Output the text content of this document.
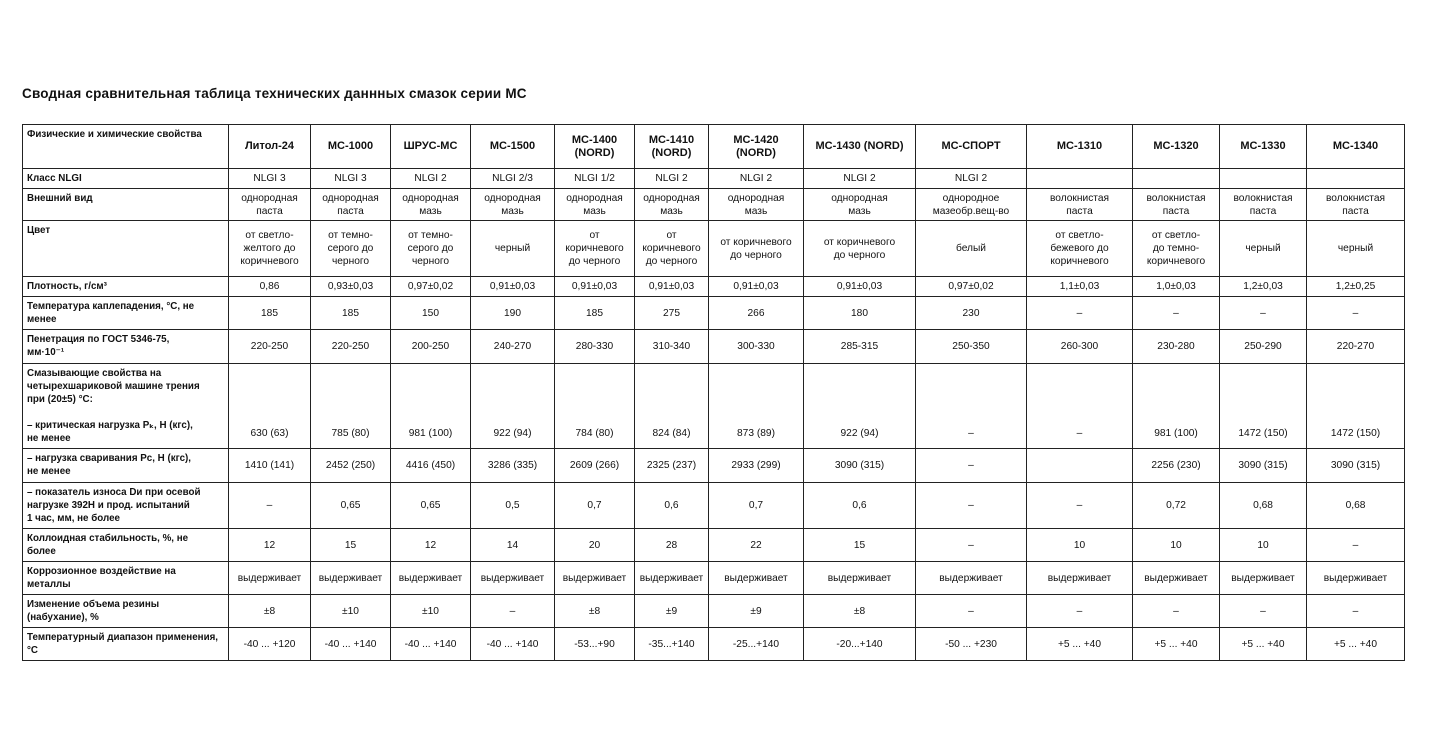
Сводная сравнительная таблица технических даннных смазок серии МС
Физические и химические свойства	Литол-24	МС-1000	ШРУС-МС	МС-1500	МС-1400
(NORD)	МС-1410
(NORD)	МС-1420
(NORD)	МС-1430 (NORD)	МС-СПОРТ	МС-1310	МС-1320	МС-1330	МС-1340

Класс NLGI	NLGI 3	NLGI 3	NLGI 2	NLGI 2/3	NLGI 1/2	NLGI 2	NLGI 2	NLGI 2	NLGI 2				

Внешний вид	однородная
паста	однородная
паста	однородная
мазь	однородная
мазь	однородная
мазь	однородная
мазь	однородная
мазь	однородная
мазь	однородное
мазеобр.вещ-во	волокнистая
паста	волокнистая
паста	волокнистая
паста	волокнистая
паста

Цвет	от светло-
желтого до
коричневого	от темно-
серого до
черного	от темно-
серого до
черного	черный	от
коричневого
до черного	от
коричневого
до черного	от коричневого
до черного	от коричневого
до черного	белый	от светло-
бежевого до
коричневого	от светло-
до темно-
коричневого	черный	черный

Плотность, г/см³	0,86	0,93±0,03	0,97±0,02	0,91±0,03	0,91±0,03	0,91±0,03	0,91±0,03	0,91±0,03	0,97±0,02	1,1±0,03	1,0±0,03	1,2±0,03	1,2±0,25

Температура каплепадения, °С, не
менее	185	185	150	190	185	275	266	180	230	–	–	–	–

Пенетрация по ГОСТ 5346-75,
мм·10⁻¹	220-250	220-250	200-250	240-270	280-330	310-340	300-330	285-315	250-350	260-300	230-280	250-290	220-270

Смазывающие свойства на
четырехшариковой машине трения
при (20±5) °С:

– критическая нагрузка Рₖ, Н (кгс),
не менее	630 (63)	785 (80)	981 (100)	922 (94)	784 (80)	824 (84)	873 (89)	922 (94)	–	–	981 (100)	1472 (150)	1472 (150)

– нагрузка сваривания Рс, Н (кгс),
не менее	1410 (141)	2452 (250)	4416 (450)	3286 (335)	2609 (266)	2325 (237)	2933 (299)	3090 (315)	–		2256 (230)	3090 (315)	3090 (315)

– показатель износа Dи при осевой
нагрузке 392Н и прод. испытаний
1 час, мм, не более	–	0,65	0,65	0,5	0,7	0,6	0,7	0,6	–	–	0,72	0,68	0,68

Коллоидная стабильность, %, не
более	12	15	12	14	20	28	22	15	–	10	10	10	–

Коррозионное воздействие на
металлы	выдерживает	выдерживает	выдерживает	выдерживает	выдерживает	выдерживает	выдерживает	выдерживает	выдерживает	выдерживает	выдерживает	выдерживает	выдерживает

Изменение объема резины
(набухание), %	±8	±10	±10	–	±8	±9	±9	±8	–	–	–	–	–

Температурный диапазон применения,
°С	-40 ... +120	-40 ... +140	-40 ... +140	-40 ... +140	-53...+90	-35...+140	-25...+140	-20...+140	-50 ... +230	+5 ... +40	+5 ... +40	+5 ... +40	+5 ... +40
